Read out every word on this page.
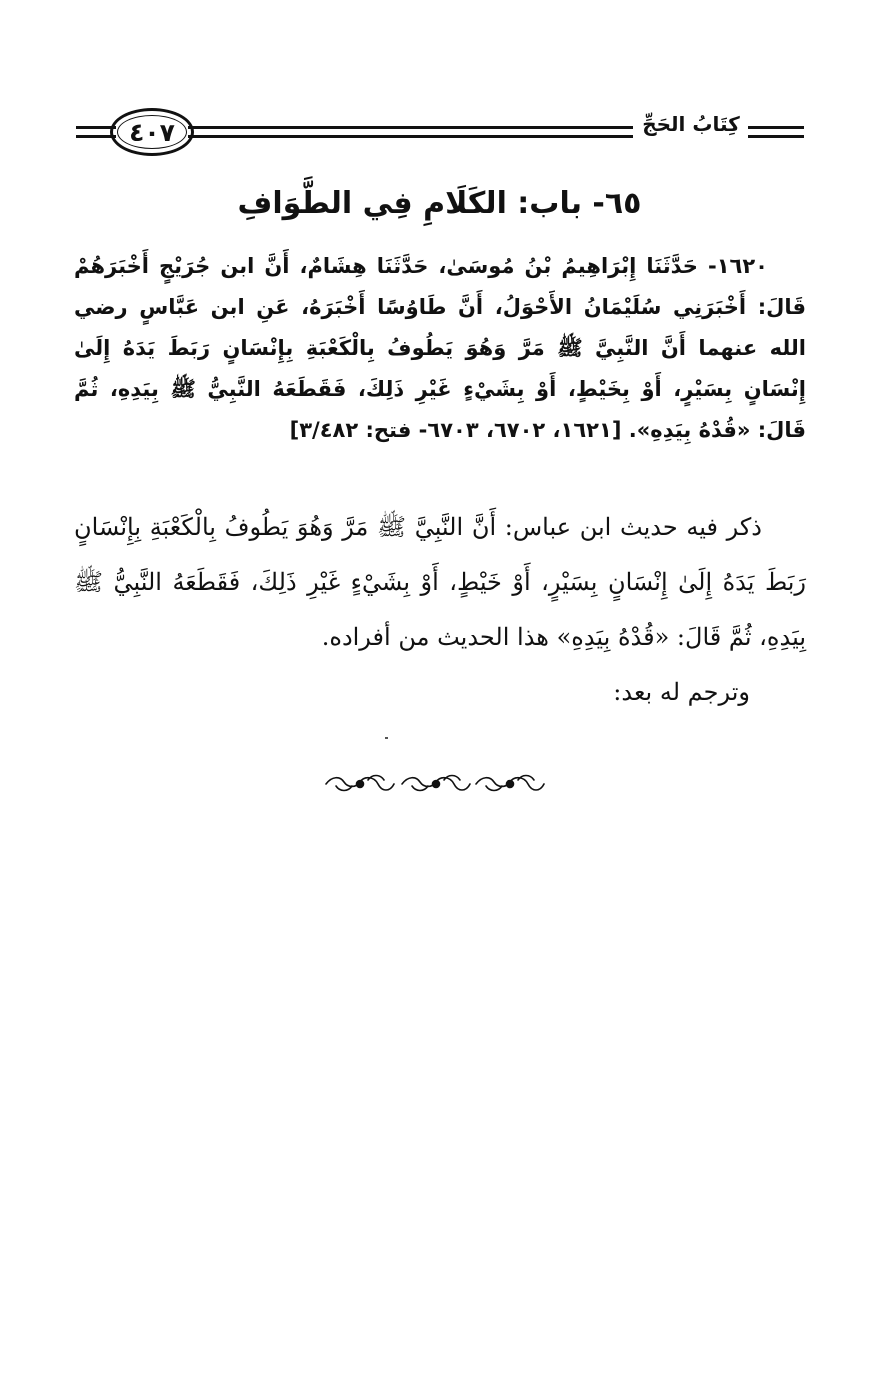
٤٠٧	كِتَابُ الحَجِّ
٦٥- باب: الكَلَامِ فِي الطَّوَافِ

١٦٢٠- حَدَّثَنَا إِبْرَاهِيمُ بْنُ مُوسَىٰ، حَدَّثَنَا هِشَامٌ، أَنَّ ابن جُرَيْجٍ أَخْبَرَهُمْ قَالَ: أَخْبَرَنِي سُلَيْمَانُ الأَحْوَلُ، أَنَّ طَاوُسًا أَخْبَرَهُ، عَنِ ابن عَبَّاسٍ رضي الله عنهما أَنَّ النَّبِيَّ ﷺ مَرَّ وَهُوَ يَطُوفُ بِالْكَعْبَةِ بِإِنْسَانٍ رَبَطَ يَدَهُ إِلَىٰ إِنْسَانٍ بِسَيْرٍ، أَوْ بِخَيْطٍ، أَوْ بِشَيْءٍ غَيْرِ ذَلِكَ، فَقَطَعَهُ النَّبِيُّ ﷺ بِيَدِهِ، ثُمَّ قَالَ: «قُدْهُ بِيَدِهِ». [١٦٢١، ٦٧٠٢، ٦٧٠٣- فتح: ٣/٤٨٢]

ذكر فيه حديث ابن عباس: أَنَّ النَّبِيَّ ﷺ مَرَّ وَهُوَ يَطُوفُ بِالْكَعْبَةِ بِإِنْسَانٍ رَبَطَ يَدَهُ إِلَىٰ إِنْسَانٍ بِسَيْرٍ، أَوْ خَيْطٍ، أَوْ بِشَيْءٍ غَيْرِ ذَلِكَ، فَقَطَعَهُ النَّبِيُّ ﷺ بِيَدِهِ، ثُمَّ قَالَ: «قُدْهُ بِيَدِهِ» هذا الحديث من أفراده.

وترجم له بعد:
